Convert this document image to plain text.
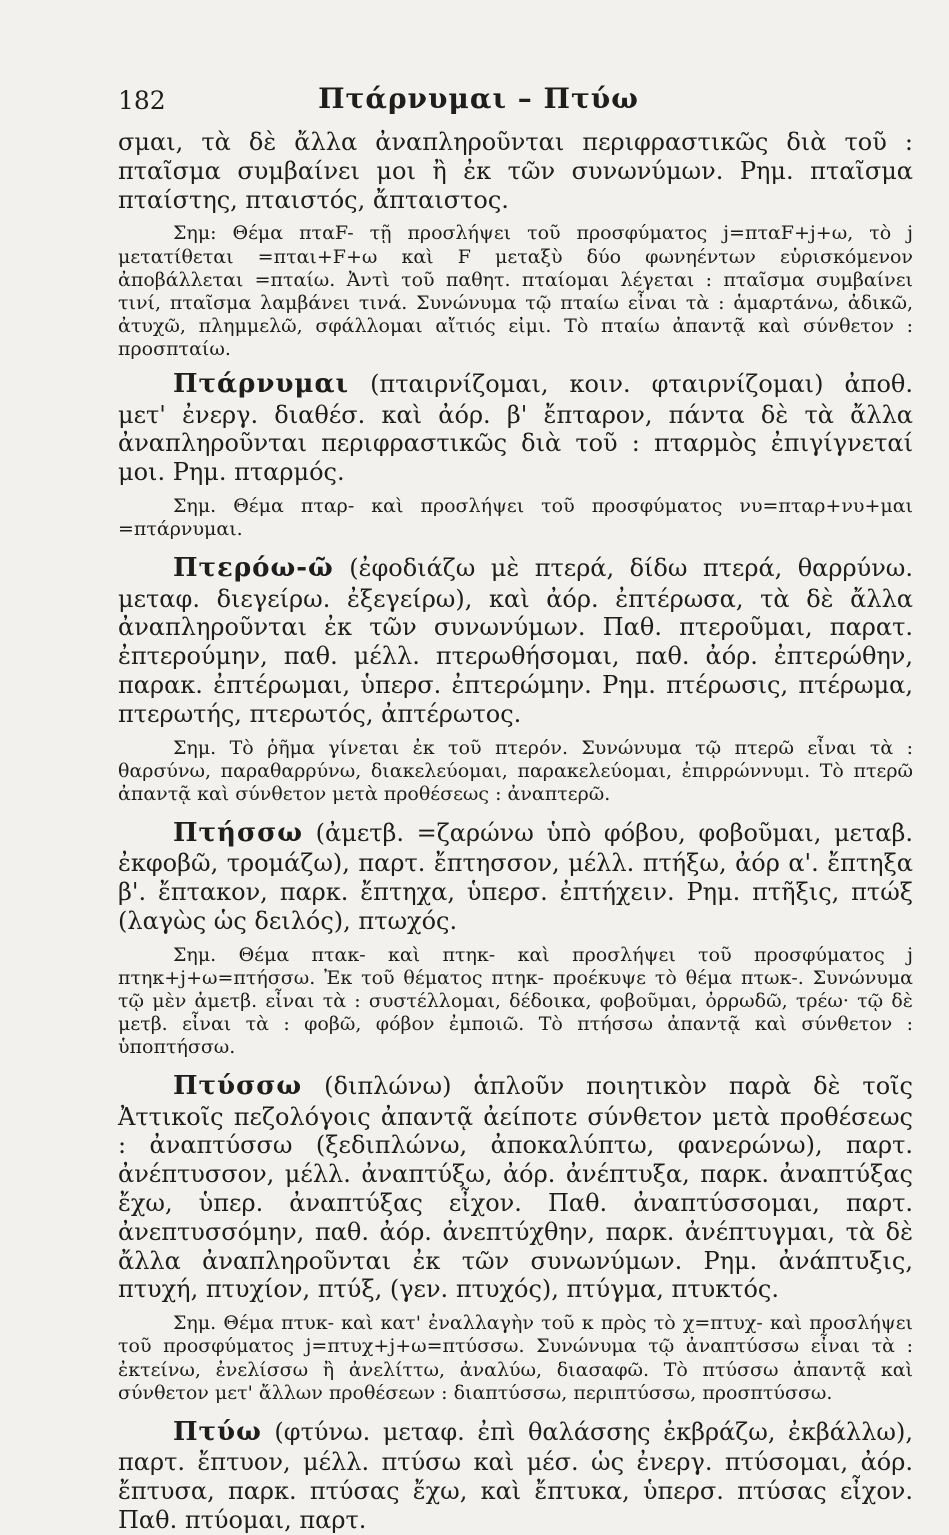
182	Πτάρνυμαι – Πτύω

σμαι, τὰ δὲ ἄλλα ἀναπληροῦνται περιφραστικῶς διὰ τοῦ : πταῖσμα συμβαίνει μοι ἢ ἐκ τῶν συνωνύμων. Ρημ. πταῖσμα πταίστης, πταιστός, ἄπταιστος.

Σημ: Θέμα πταF- τῇ προσλήψει τοῦ προσφύματος j=πταF+j+ω, τὸ j μετατίθεται =πται+F+ω καὶ F μεταξὺ δύο φωνηέντων εὑρισκόμενον ἀποβάλλεται =πταίω. Ἀντὶ τοῦ παθητ. πταίομαι λέγεται : πταῖσμα συμβαίνει τινί, πταῖσμα λαμβάνει τινά. Συνώνυμα τῷ πταίω εἶναι τὰ : ἁμαρτάνω, ἀδικῶ, ἀτυχῶ, πλημμελῶ, σφάλλομαι αἴτιός εἰμι. Τὸ πταίω ἀπαντᾷ καὶ σύνθετον : προσπταίω.

Πτάρνυμαι (πταιρνίζομαι, κοιν. φταιρνίζομαι) ἀποθ. μετ' ἐνεργ. διαθέσ. καὶ ἀόρ. β' ἔπταρον, πάντα δὲ τὰ ἄλλα ἀναπληροῦνται περιφραστικῶς διὰ τοῦ : πταρμὸς ἐπιγίγνεταί μοι. Ρημ. πταρμός.

Σημ. Θέμα πταρ- καὶ προσλήψει τοῦ προσφύματος νυ=πταρ+νυ+μαι =πτάρνυμαι.

Πτερόω-ῶ (ἐφοδιάζω μὲ πτερά, δίδω πτερά, θαρρύνω. μεταφ. διεγείρω. ἐξεγείρω), καὶ ἀόρ. ἐπτέρωσα, τὰ δὲ ἄλλα ἀναπληροῦνται ἐκ τῶν συνωνύμων. Παθ. πτεροῦμαι, παρατ. ἐπτερούμην, παθ. μέλλ. πτερωθήσομαι, παθ. ἀόρ. ἐπτερώθην, παρακ. ἐπτέρωμαι, ὑπερσ. ἐπτερώμην. Ρημ. πτέρωσις, πτέρωμα, πτερωτής, πτερωτός, ἀπτέρωτος.

Σημ. Τὸ ῥῆμα γίνεται ἐκ τοῦ πτερόν. Συνώνυμα τῷ πτερῶ εἶναι τὰ : θαρσύνω, παραθαρρύνω, διακελεύομαι, παρακελεύομαι, ἐπιρρώννυμι. Τὸ πτερῶ ἀπαντᾷ καὶ σύνθετον μετὰ προθέσεως : ἀναπτερῶ.

Πτήσσω (ἀμετβ. =ζαρώνω ὑπὸ φόβου, φοβοῦμαι, μεταβ. ἐκφοβῶ, τρομάζω), παρτ. ἔπτησσον, μέλλ. πτήξω, ἀόρ α'. ἔπτηξα β'. ἔπτακον, παρκ. ἔπτηχα, ὑπερσ. ἐπτήχειν. Ρημ. πτῆξις, πτώξ (λαγὼς ὡς δειλός), πτωχός.

Σημ. Θέμα πτακ- καὶ πτηκ- καὶ προσλήψει τοῦ προσφύματος j πτηκ+j+ω=πτήσσω. Ἐκ τοῦ θέματος πτηκ- προέκυψε τὸ θέμα πτωκ-. Συνώνυμα τῷ μὲν ἀμετβ. εἶναι τὰ : συστέλλομαι, δέδοικα, φοβοῦμαι, ὀρρωδῶ, τρέω· τῷ δὲ μετβ. εἶναι τὰ : φοβῶ, φόβον ἐμποιῶ. Τὸ πτήσσω ἀπαντᾷ καὶ σύνθετον : ὑποπτήσσω.

Πτύσσω (διπλώνω) ἁπλοῦν ποιητικὸν παρὰ δὲ τοῖς Ἀττικοῖς πεζολόγοις ἀπαντᾷ ἀείποτε σύνθετον μετὰ προθέσεως : ἀναπτύσσω (ξεδιπλώνω, ἀποκαλύπτω, φανερώνω), παρτ. ἀνέπτυσσον, μέλλ. ἀναπτύξω, ἀόρ. ἀνέπτυξα, παρκ. ἀναπτύξας ἔχω, ὑπερ. ἀναπτύξας εἶχον. Παθ. ἀναπτύσσομαι, παρτ. ἀνεπτυσσόμην, παθ. ἀόρ. ἀνεπτύχθην, παρκ. ἀνέπτυγμαι, τὰ δὲ ἄλλα ἀναπληροῦνται ἐκ τῶν συνωνύμων. Ρημ. ἀνάπτυξις, πτυχή, πτυχίον, πτύξ, (γεν. πτυχός), πτύγμα, πτυκτός.

Σημ. Θέμα πτυκ- καὶ κατ' ἐναλλαγὴν τοῦ κ πρὸς τὸ χ=πτυχ- καὶ προσλήψει τοῦ προσφύματος j=πτυχ+j+ω=πτύσσω. Συνώνυμα τῷ ἀναπτύσσω εἶναι τὰ : ἐκτείνω, ἐνελίσσω ἢ ἀνελίττω, ἀναλύω, διασαφῶ. Τὸ πτύσσω ἀπαντᾷ καὶ σύνθετον μετ' ἄλλων προθέσεων : διαπτύσσω, περιπτύσσω, προσπτύσσω.

Πτύω (φτύνω. μεταφ. ἐπὶ θαλάσσης ἐκβράζω, ἐκβάλλω), παρτ. ἔπτυον, μέλλ. πτύσω καὶ μέσ. ὡς ἐνεργ. πτύσομαι, ἀόρ. ἔπτυσα, παρκ. πτύσας ἔχω, καὶ ἔπτυκα, ὑπερσ. πτύσας εἶχον. Παθ. πτύομαι, παρτ.
